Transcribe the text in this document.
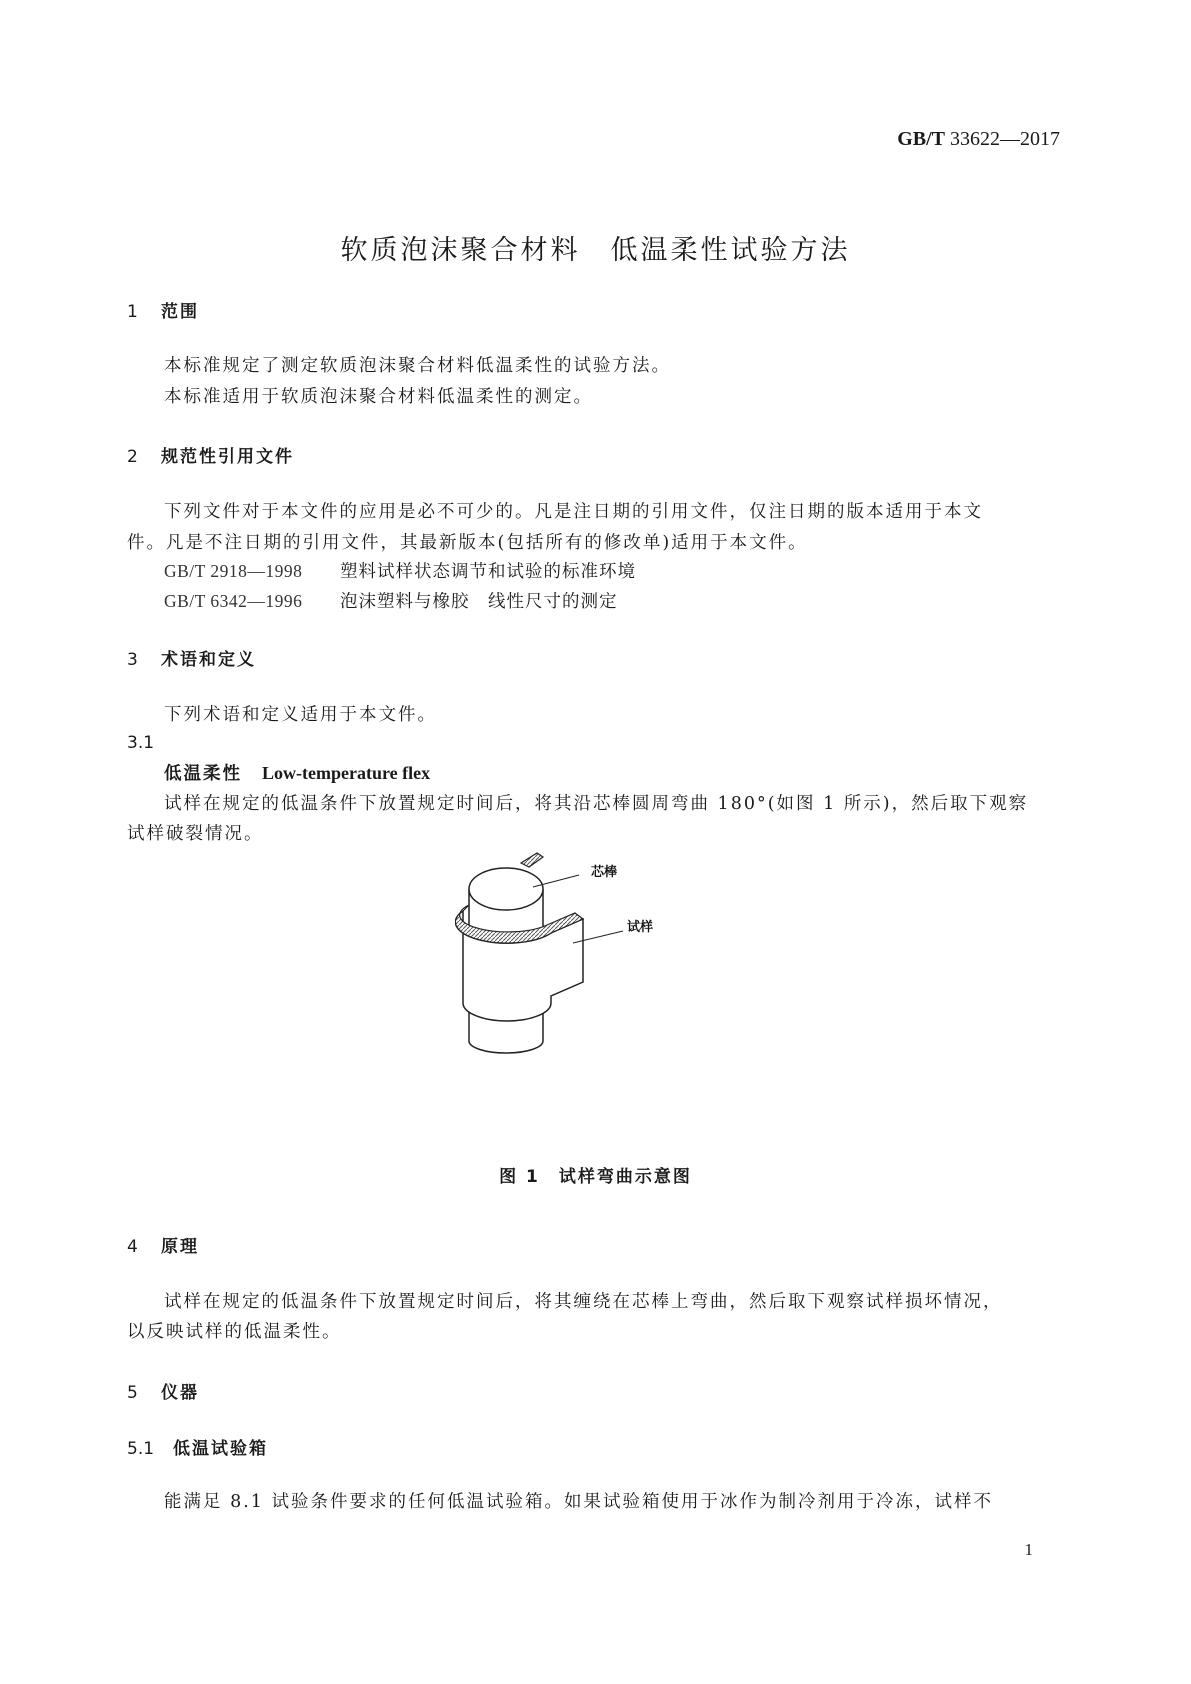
GB/T 33622—2017
软质泡沫聚合材料　低温柔性试验方法
1 范围
本标准规定了测定软质泡沫聚合材料低温柔性的试验方法。
本标准适用于软质泡沫聚合材料低温柔性的测定。
2 规范性引用文件
下列文件对于本文件的应用是必不可少的。凡是注日期的引用文件，仅注日期的版本适用于本文
件。凡是不注日期的引用文件，其最新版本(包括所有的修改单)适用于本文件。
GB/T 2918—1998 塑料试样状态调节和试验的标准环境
GB/T 6342—1996 泡沫塑料与橡胶　线性尺寸的测定
3 术语和定义
下列术语和定义适用于本文件。
3.1
低温柔性 Low-temperature flex
试样在规定的低温条件下放置规定时间后，将其沿芯棒圆周弯曲 180°(如图 1 所示)，然后取下观察
试样破裂情况。
芯棒
试样
图 1　试样弯曲示意图
4 原理
试样在规定的低温条件下放置规定时间后，将其缠绕在芯棒上弯曲，然后取下观察试样损坏情况，
以反映试样的低温柔性。
5 仪器
5.1 低温试验箱
能满足 8.1 试验条件要求的任何低温试验箱。如果试验箱使用于冰作为制冷剂用于冷冻，试样不
1
